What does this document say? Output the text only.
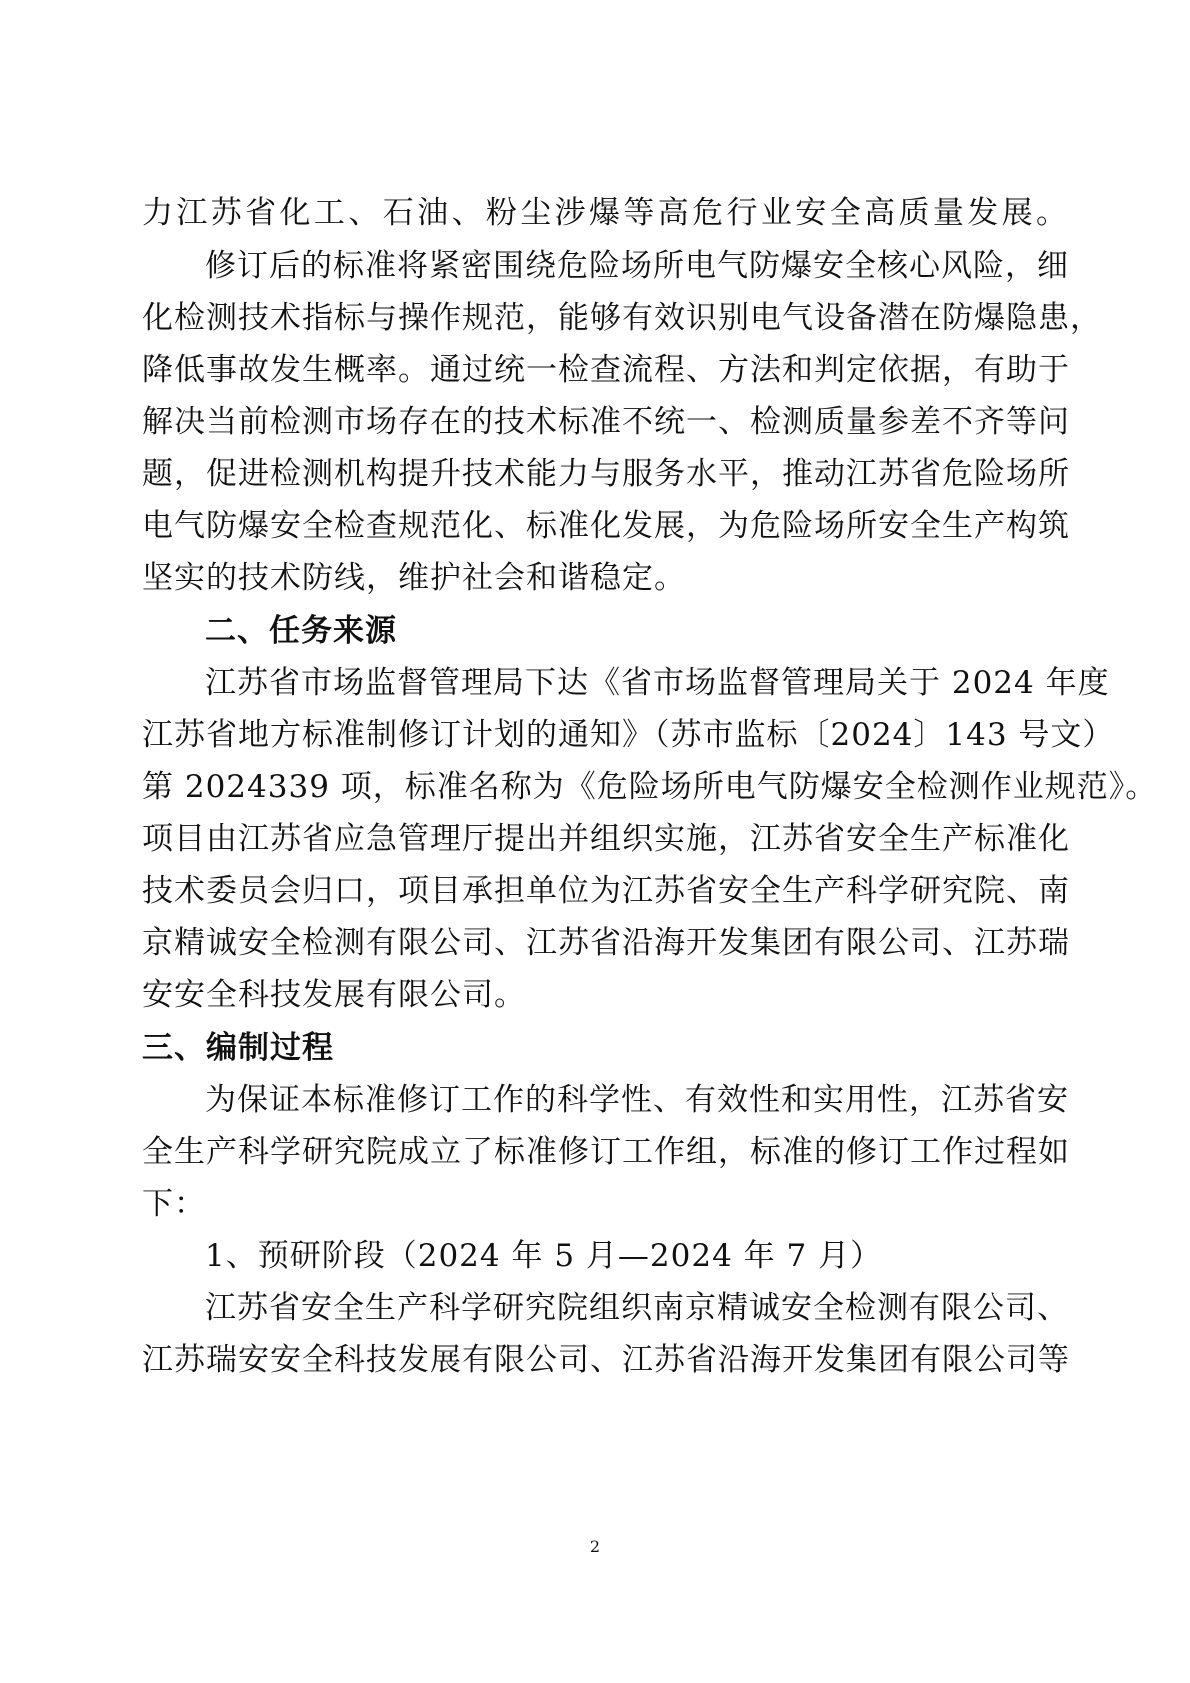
力江苏省化工、石油、粉尘涉爆等高危行业安全高质量发展。
修订后的标准将紧密围绕危险场所电气防爆安全核心风险，细
化检测技术指标与操作规范，能够有效识别电气设备潜在防爆隐患，
降低事故发生概率。通过统一检查流程、方法和判定依据，有助于
解决当前检测市场存在的技术标准不统一、检测质量参差不齐等问
题，促进检测机构提升技术能力与服务水平，推动江苏省危险场所
电气防爆安全检查规范化、标准化发展，为危险场所安全生产构筑
坚实的技术防线，维护社会和谐稳定。
二、任务来源
江苏省市场监督管理局下达《省市场监督管理局关于 2024 年度
江苏省地方标准制修订计划的通知》（苏市监标〔2024〕143 号文）
第 2024339 项，标准名称为《危险场所电气防爆安全检测作业规范》。
项目由江苏省应急管理厅提出并组织实施，江苏省安全生产标准化
技术委员会归口，项目承担单位为江苏省安全生产科学研究院、南
京精诚安全检测有限公司、江苏省沿海开发集团有限公司、江苏瑞
安安全科技发展有限公司。
三、编制过程
为保证本标准修订工作的科学性、有效性和实用性，江苏省安
全生产科学研究院成立了标准修订工作组，标准的修订工作过程如
下：
1、预研阶段（2024 年 5 月—2024 年 7 月）
江苏省安全生产科学研究院组织南京精诚安全检测有限公司、
江苏瑞安安全科技发展有限公司、江苏省沿海开发集团有限公司等
2
